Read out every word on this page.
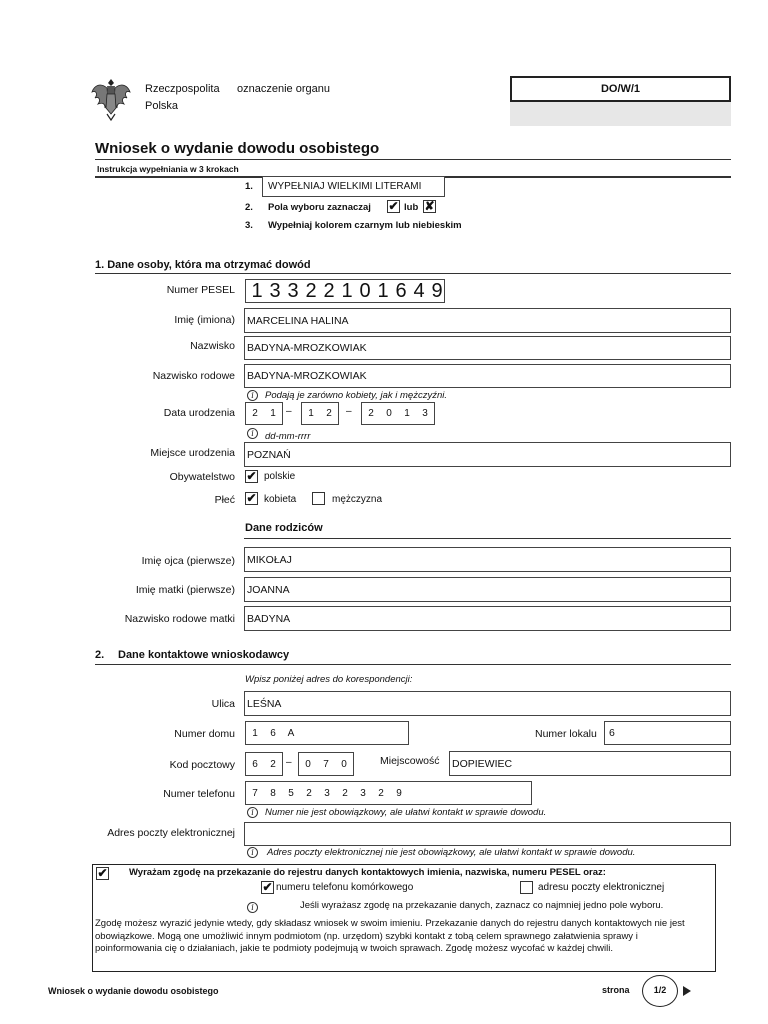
Rzeczpospolita
Polska
oznaczenie organu	DO/W/1
Wniosek o wydanie dowodu osobistego
Instrukcja wypełniania w 3 krokach
1.	WYPEŁNIAJ WIELKIMI LITERAMI
2. Pola wyboru zaznaczaj ✔ lub ✘
3. Wypełniaj kolorem czarnym lub niebieskim
1. Dane osoby, która ma otrzymać dowód
Numer PESEL 1 3 3 2 2 1 0 1 6 4 9
Imię (imiona) MARCELINA HALINA
Nazwisko BADYNA-MROZKOWIAK
Nazwisko rodowe BADYNA-MROZKOWIAK
i	Podają je zarówno kobiety, jak i mężczyźni.
Data urodzenia	2	1	–	1	2	–	2	0	1	3
i	dd-mm-rrrr
Miejsce urodzenia POZNAŃ
Obywatelstwo ✔ polskie
Płeć ✔ kobieta	mężczyzna
Dane rodziców
Imię ojca (pierwsze) MIKOŁAJ
Imię matki (pierwsze) JOANNA
Nazwisko rodowe matki BADYNA
2. Dane kontaktowe wnioskodawcy
Wpisz poniżej adres do korespondencji:
Ulica LEŚNA
Numer domu	1	6	A	Numer lokalu	6
Kod pocztowy	6	2	–	0	7	0	Miejscowość DOPIEWIEC
Numer telefonu	7	8	5	2	3	2	3	2	9
i	Numer nie jest obowiązkowy, ale ułatwi kontakt w sprawie dowodu.
Adres poczty elektronicznej
i	Adres poczty elektronicznej nie jest obowiązkowy, ale ułatwi kontakt w sprawie dowodu.
✔ Wyrażam zgodę na przekazanie do rejestru danych kontaktowych imienia, nazwiska, numeru PESEL oraz:
✔ numeru telefonu komórkowego	adresu poczty elektronicznej
i	Jeśli wyrażasz zgodę na przekazanie danych, zaznacz co najmniej jedno pole wyboru.
Zgodę możesz wyrazić jedynie wtedy, gdy składasz wniosek w swoim imieniu. Przekazanie danych do rejestru danych kontaktowych nie jest obowiązkowe. Mogą one umożliwić innym podmiotom (np. urzędom) szybki kontakt z tobą celem sprawnego załatwienia sprawy i poinformowania cię o działaniach, jakie te podmioty podejmują w twoich sprawach. Zgodę możesz wycofać w każdej chwili.
Wniosek o wydanie dowodu osobistego	strona	1/2
